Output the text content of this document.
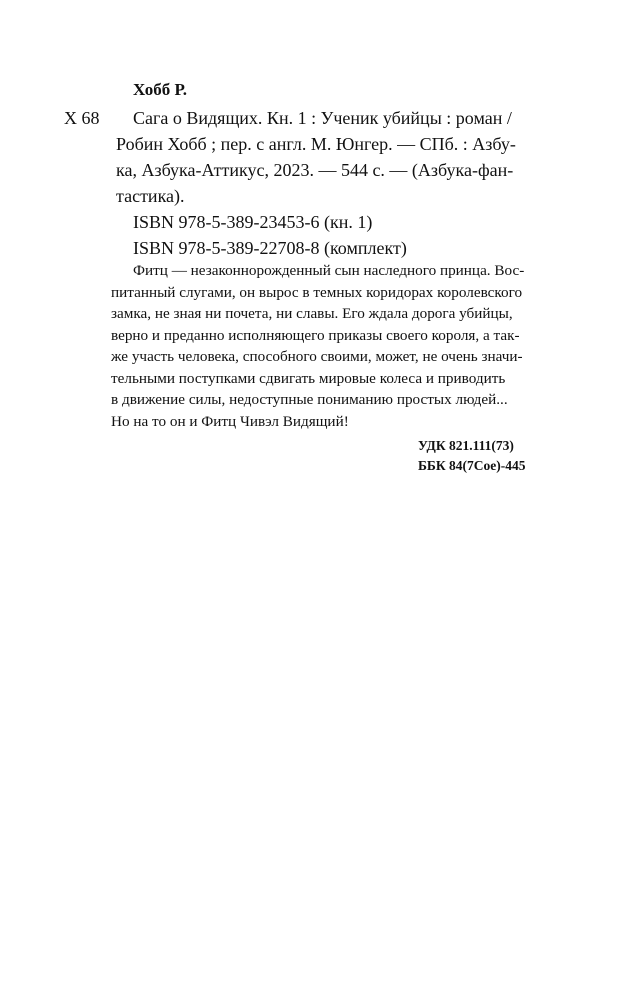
Хобб Р.
Х 68 Сага о Видящих. Кн. 1 : Ученик убийцы : роман /
Робин Хобб ; пер. с англ. М. Юнгер. — СПб. : Азбу-
ка, Азбука-Аттикус, 2023. — 544 с. — (Азбука-фан-
тастика).
ISBN 978-5-389-23453-6 (кн. 1)
ISBN 978-5-389-22708-8 (комплект)
Фитц — незаконнорожденный сын наследного принца. Вос-
питанный слугами, он вырос в темных коридорах королевского
замка, не зная ни почета, ни славы. Его ждала дорога убийцы,
верно и преданно исполняющего приказы своего короля, а так-
же участь человека, способного своими, может, не очень значи-
тельными поступками сдвигать мировые колеса и приводить
в движение силы, недоступные пониманию простых людей...
Но на то он и Фитц Чивэл Видящий!
УДК 821.111(73)
ББК 84(7Сое)-445
